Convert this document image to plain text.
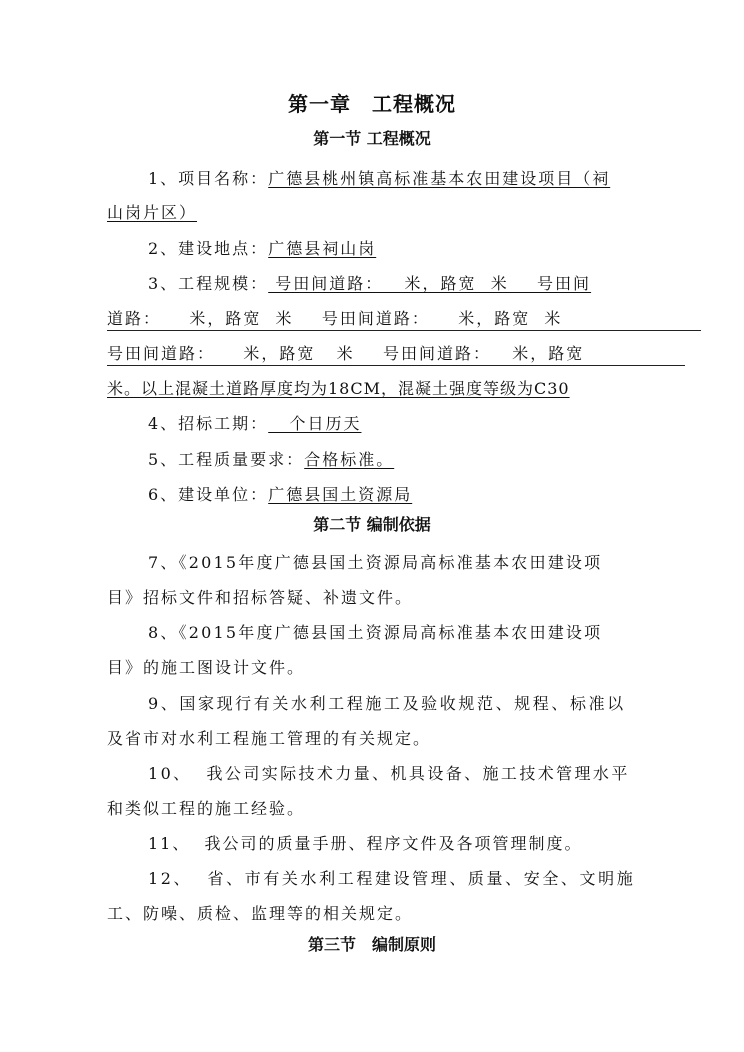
第一章　工程概况
第一节 工程概况
1、项目名称：广德县桃州镇高标准基本农田建设项目（祠
山岗片区）
2、建设地点：广德县祠山岗
3、工程规模： 号田间道路：   米，路宽  米    号田间
道路：    米，路宽  米    号田间道路：    米，路宽  米
号田间道路：    米，路宽   米    号田间道路：   米，路宽
米。以上混凝土道路厚度均为18CM，混凝土强度等级为C30
4、招标工期：   个日历天
5、工程质量要求：合格标准。
6、建设单位：广德县国土资源局
第二节 编制依据
7、《2015年度广德县国土资源局高标准基本农田建设项
目》招标文件和招标答疑、补遗文件。
8、《2015年度广德县国土资源局高标准基本农田建设项
目》的施工图设计文件。
9、国家现行有关水利工程施工及验收规范、规程、标准以
及省市对水利工程施工管理的有关规定。
10、  我公司实际技术力量、机具设备、施工技术管理水平
和类似工程的施工经验。
11、  我公司的质量手册、程序文件及各项管理制度。
12、  省、市有关水利工程建设管理、质量、安全、文明施
工、防噪、质检、监理等的相关规定。
第三节　编制原则
